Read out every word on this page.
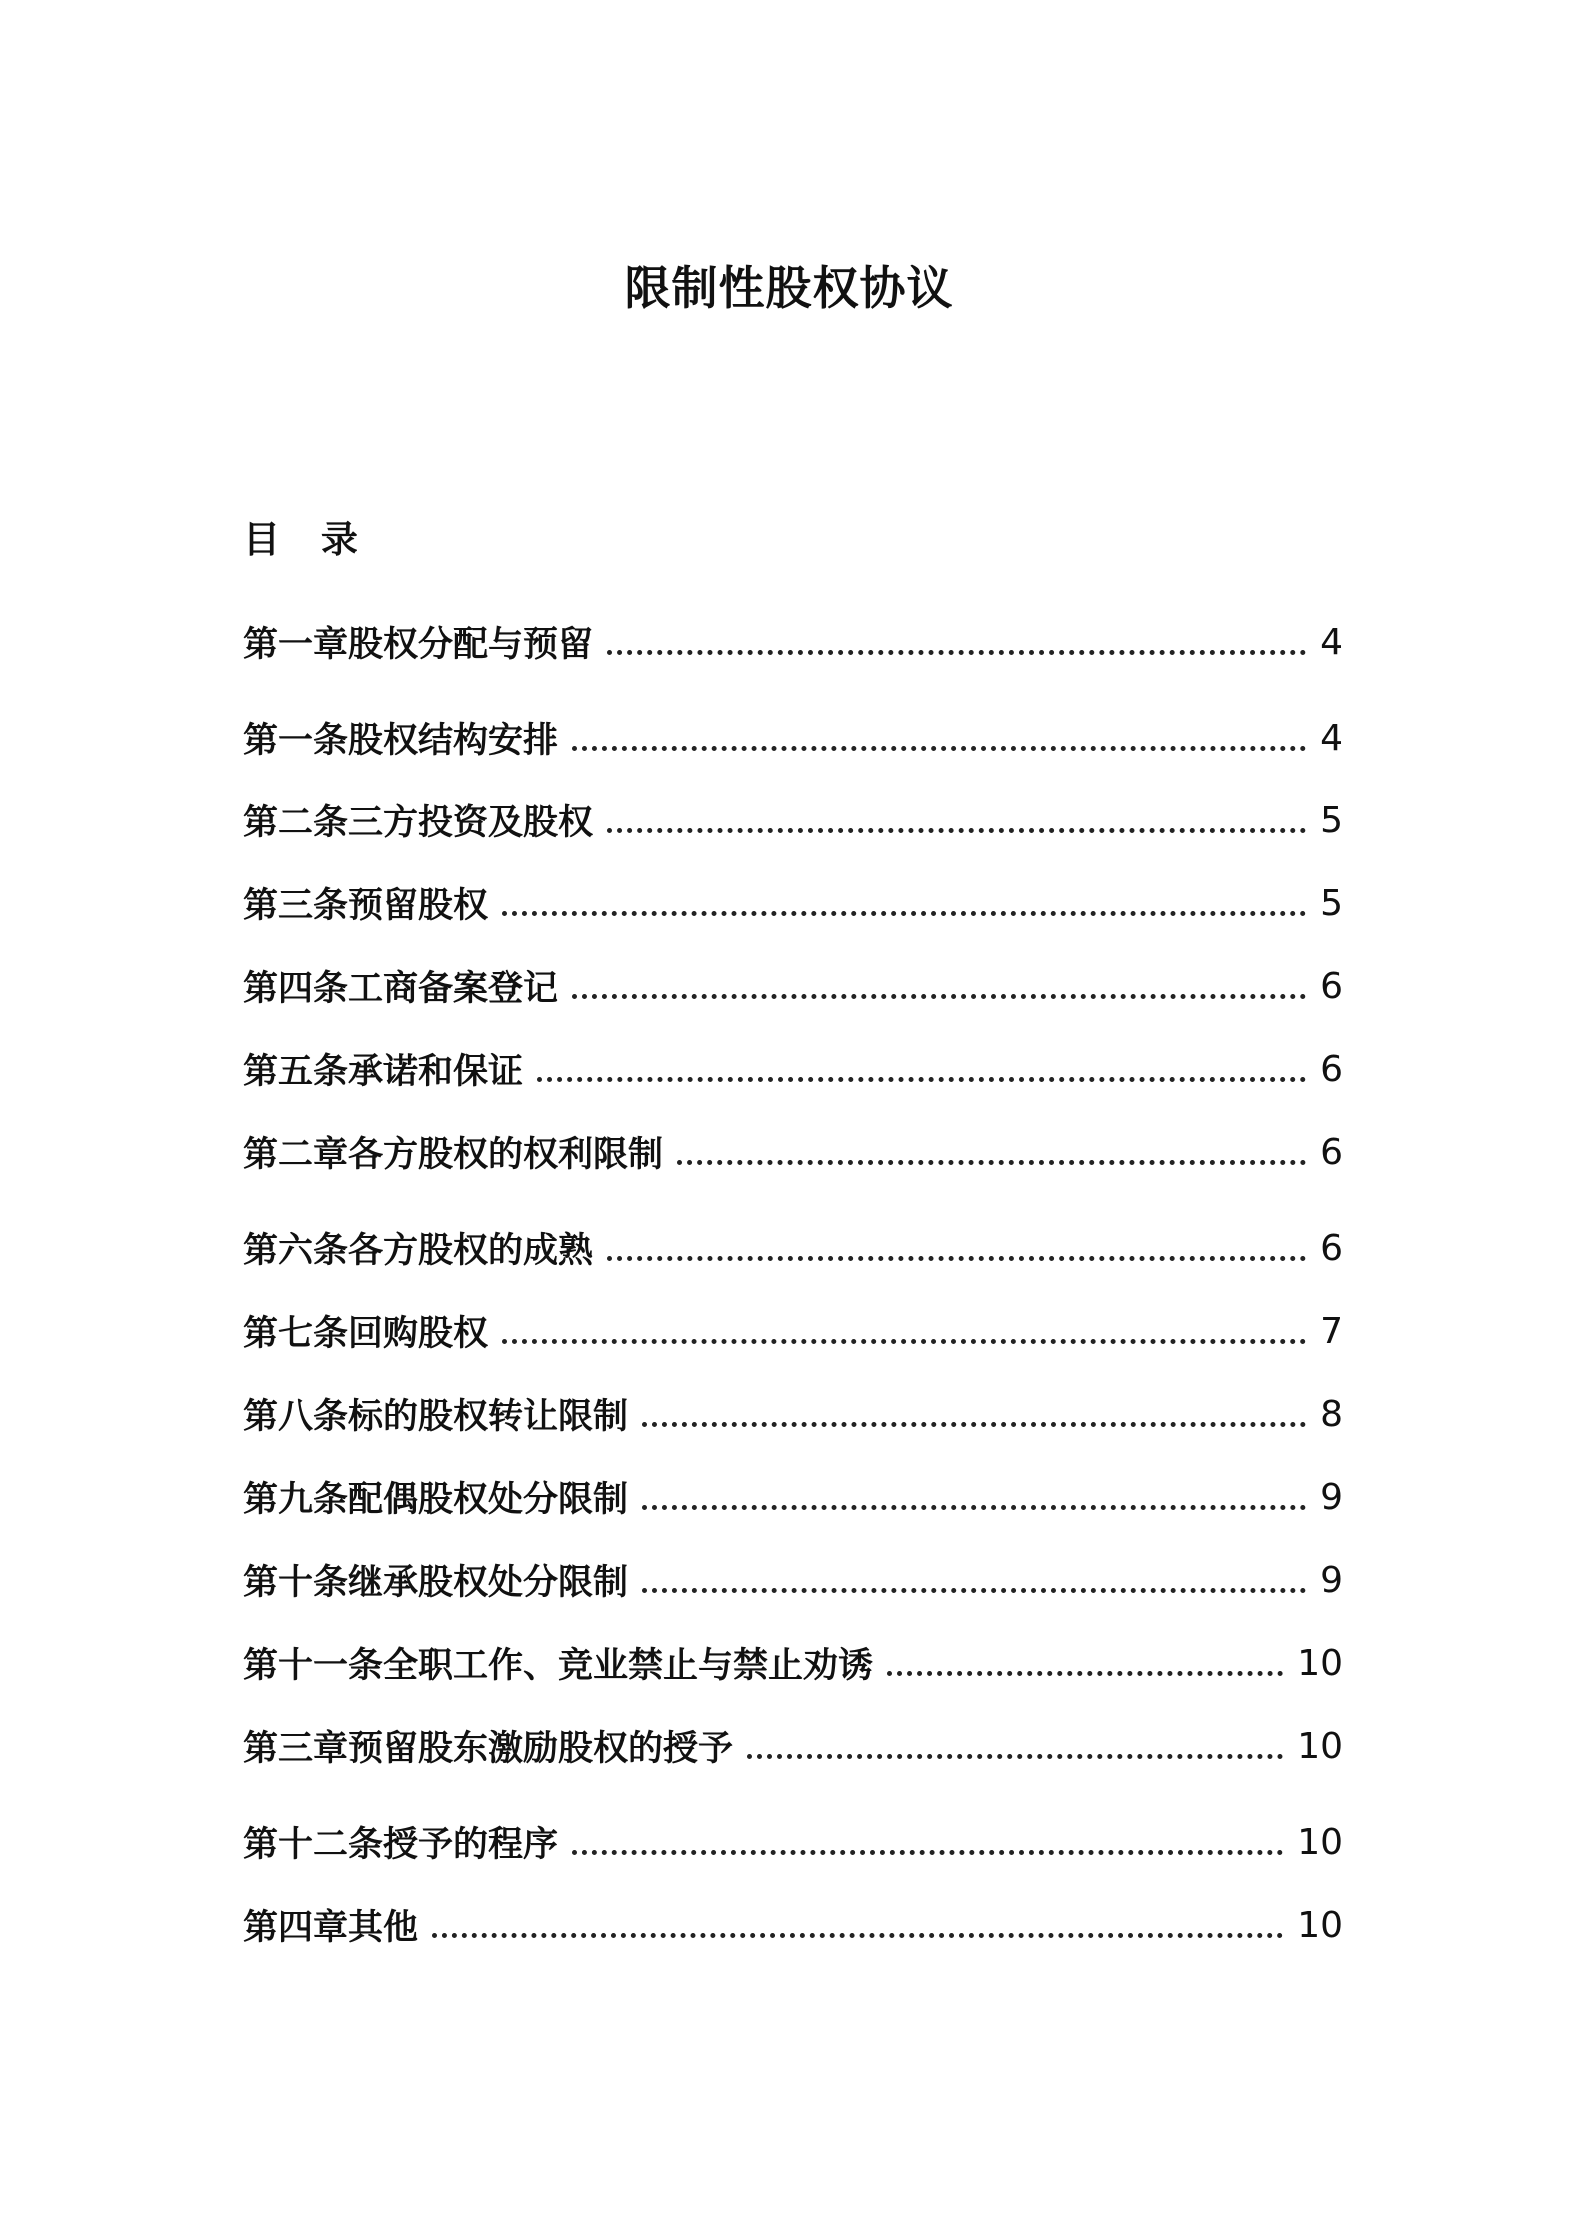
限制性股权协议
目 录
第一章股权分配与预留	4
第一条股权结构安排	4
第二条三方投资及股权	5
第三条预留股权	5
第四条工商备案登记	6
第五条承诺和保证	6
第二章各方股权的权利限制	6
第六条各方股权的成熟	6
第七条回购股权	7
第八条标的股权转让限制	8
第九条配偶股权处分限制	9
第十条继承股权处分限制	9
第十一条全职工作、竞业禁止与禁止劝诱	10
第三章预留股东激励股权的授予	10
第十二条授予的程序	10
第四章其他	10
